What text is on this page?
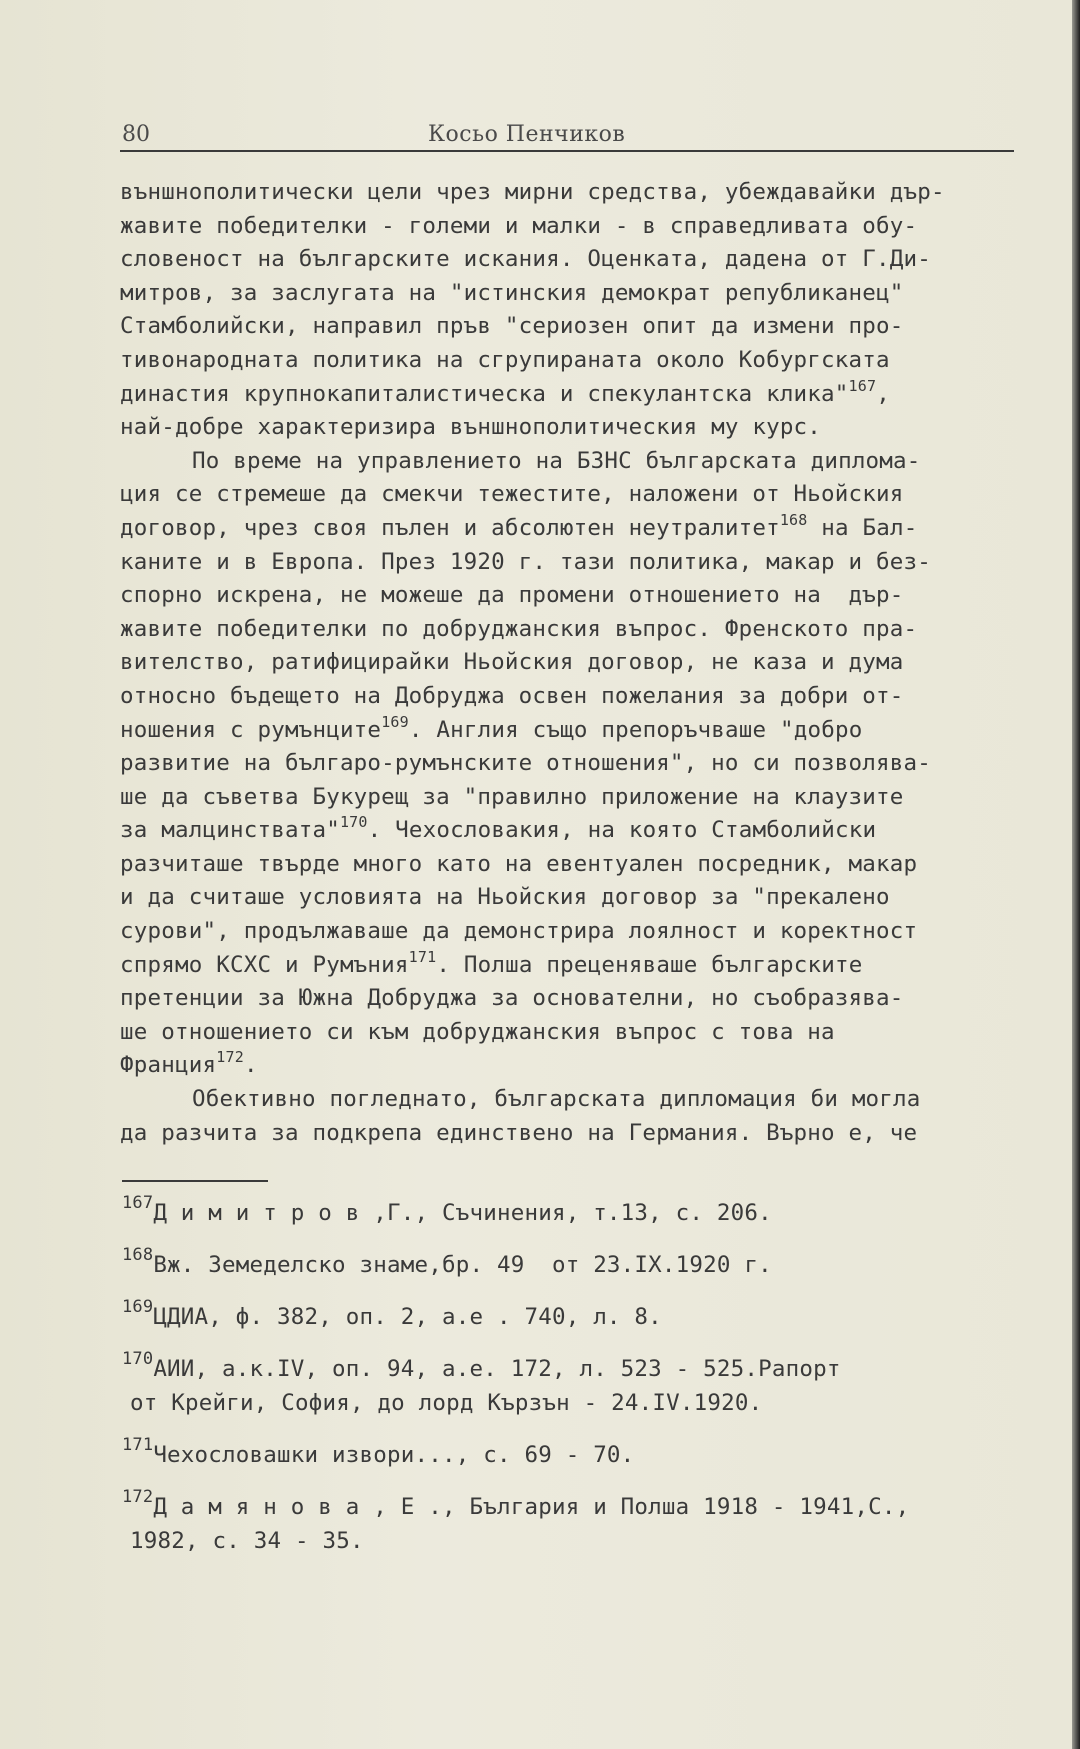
80	Косьо Пенчиков
външнополитически цели чрез мирни средства, убеждавайки дър-
жавите победителки - големи и малки - в справедливата обу-
словеност на българските искания. Оценката, дадена от Г.Ди-
митров, за заслугата на "истинския демократ републиканец"
Стамболийски, направил пръв "сериозен опит да измени про-
тивонародната политика на сгрупираната около Кобургската
династия крупнокапиталистическа и спекулантска клика"$^{167}$,
най-добре характеризира външнополитическия му курс.
По време на управлението на БЗНС българската диплома-
ция се стремеше да смекчи тежестите, наложени от Ньойския
договор, чрез своя пълен и абсолютен неутралитет$^{168}$ на Бал-
каните и в Европа. През 1920 г. тази политика, макар и без-
спорно искрена, не можеше да промени отношението на  дър-
жавите победителки по добруджанския въпрос. Френското пра-
вителство, ратифицирайки Ньойския договор, не каза и дума
относно бъдещето на Добруджа освен пожелания за добри от-
ношения с румънците$^{169}$. Англия също препоръчваше "добро
развитие на българо-румънските отношения", но си позволява-
ше да съветва Букурещ за "правилно приложение на клаузите
за малцинствата"$^{170}$. Чехословакия, на която Стамболийски
разчиташе твърде много като на евентуален посредник, макар
и да считаше условията на Ньойския договор за "прекалено
сурови", продължаваше да демонстрира лоялност и коректност
спрямо КСХС и Румъния$^{171}$. Полша преценяваше българските
претенции за Южна Добруджа за основателни, но съобразява-
ше отношението си към добруджанския въпрос с това на
Франция$^{172}$.
Обективно погледнато, българската дипломация би могла
да разчита за подкрепа единствено на Германия. Върно е, че
$^{167}$Д и м и т р о в ,Г., Съчинения, т.13, с. 206.
$^{168}$Вж. Земеделско знаме,бр. 49  от 23.IX.1920 г.
$^{169}$ЦДИА, ф. 382, оп. 2, а.е . 740, л. 8.
$^{170}$АИИ, а.к.IV, оп. 94, а.е. 172, л. 523 - 525.Рапорт
от Крейги, София, до лорд Кързън - 24.IV.1920.
$^{171}$Чехословашки извори..., с. 69 - 70.
$^{172}$Д а м я н о в а , Е ., България и Полша 1918 - 1941,С.,
1982, с. 34 - 35.
